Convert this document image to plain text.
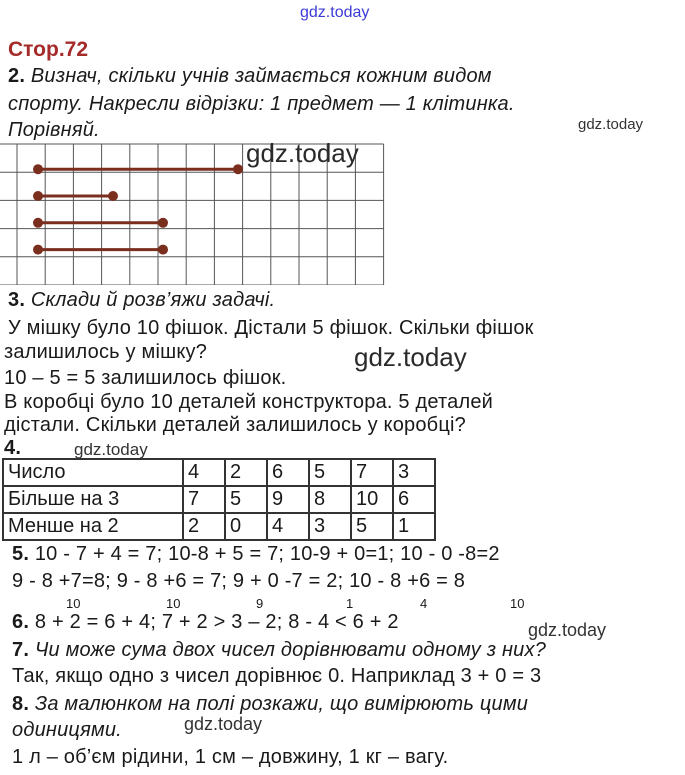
gdz.today
Стор.72
2. Визнач, скільки учнів займається кожним видом
спорту. Накресли відрізки: 1 предмет — 1 клітинка.
Порівняй.	gdz.today
gdz.today
3. Склади й розв’яжи задачі.
У мішку було 10 фішок. Дістали 5 фішок. Скільки фішок
залишилось у мішку?
10 – 5 = 5 залишилось фішок.
В коробці було 10 деталей конструктора. 5 деталей
дістали. Скільки деталей залишилось у коробці?
gdz.today
4.	gdz.today
Число	4	2	6	5	7	3
Більше на 3	7	5	9	8	10	6
Менше на 2	2	0	4	3	5	1
5. 10 - 7 + 4 = 7; 10-8 + 5 = 7; 10-9 + 0=1; 10 - 0 -8=2
9 - 8 +7=8; 9 - 8 +6 = 7; 9 + 0 -7 = 2; 10 - 8 +6 = 8
10	10	9	1	4	10
6. 8 + 2 = 6 + 4; 7 + 2 > 3 – 2; 8 - 4 < 6 + 2	gdz.today
7. Чи може сума двох чисел дорівнювати одному з них?
Так, якщо одно з чисел дорівнює 0. Наприклад 3 + 0 = 3
8. За малюнком на полі розкажи, що вимірюють цими
одиницями.	gdz.today
1 л – об’єм рідини, 1 см – довжину, 1 кг – вагу.
